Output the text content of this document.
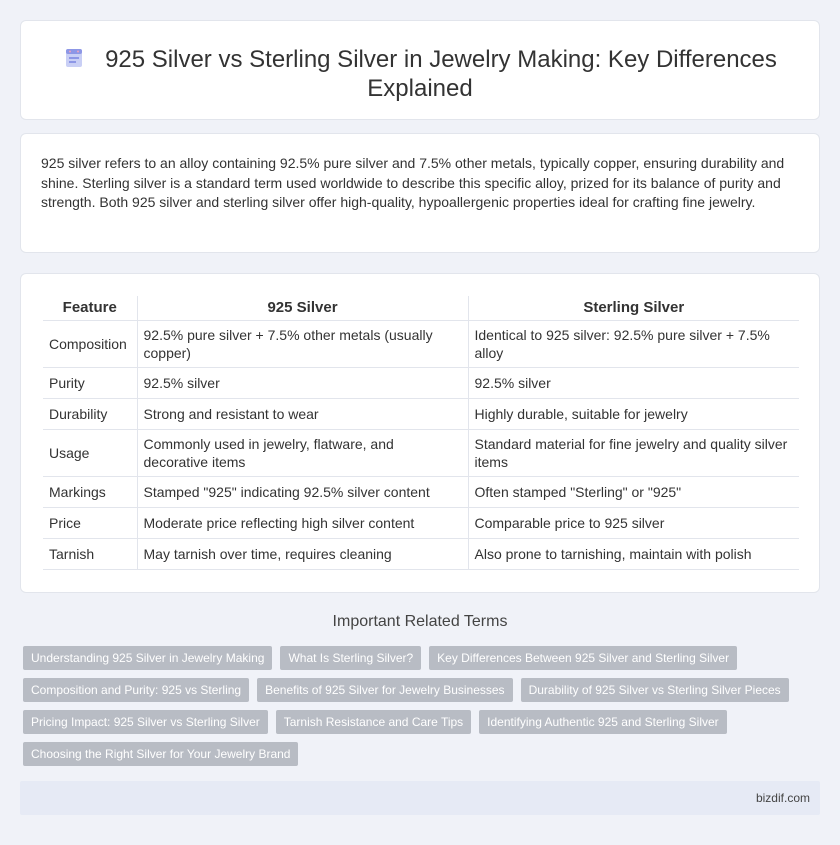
925 Silver vs Sterling Silver in Jewelry Making: Key Differences Explained

925 silver refers to an alloy containing 92.5% pure silver and 7.5% other metals, typically copper, ensuring durability and shine. Sterling silver is a standard term used worldwide to describe this specific alloy, prized for its balance of purity and strength. Both 925 silver and sterling silver offer high-quality, hypoallergenic properties ideal for crafting fine jewelry.

Feature	925 Silver	Sterling Silver
Composition	92.5% pure silver + 7.5% other metals (usually copper)	Identical to 925 silver: 92.5% pure silver + 7.5% alloy
Purity	92.5% silver	92.5% silver
Durability	Strong and resistant to wear	Highly durable, suitable for jewelry
Usage	Commonly used in jewelry, flatware, and decorative items	Standard material for fine jewelry and quality silver items
Markings	Stamped "925" indicating 92.5% silver content	Often stamped "Sterling" or "925"
Price	Moderate price reflecting high silver content	Comparable price to 925 silver
Tarnish	May tarnish over time, requires cleaning	Also prone to tarnishing, maintain with polish
Important Related Terms
Understanding 925 Silver in Jewelry Making	What Is Sterling Silver?	Key Differences Between 925 Silver and Sterling Silver
Composition and Purity: 925 vs Sterling	Benefits of 925 Silver for Jewelry Businesses	Durability of 925 Silver vs Sterling Silver Pieces
Pricing Impact: 925 Silver vs Sterling Silver	Tarnish Resistance and Care Tips	Identifying Authentic 925 and Sterling Silver
Choosing the Right Silver for Your Jewelry Brand
bizdif.com
